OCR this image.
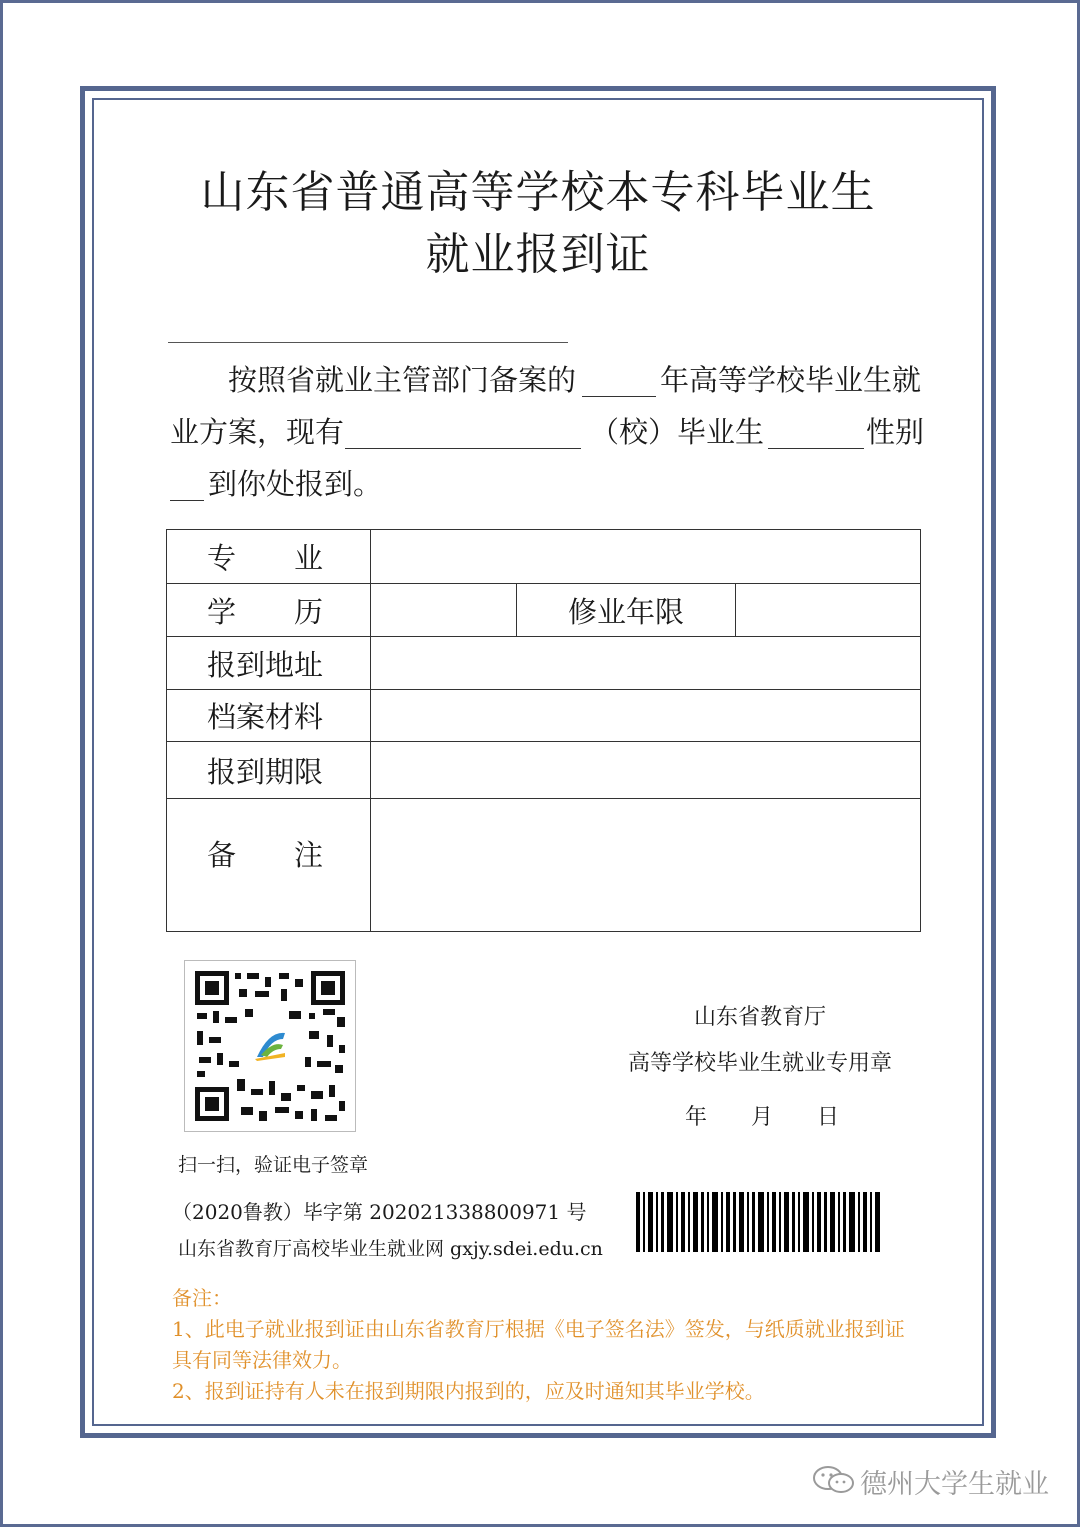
山东省普通高等学校本专科毕业生
就业报到证
按照省就业主管部门备案的	年高等学校毕业生就
业方案，现有	（校）毕业生	性别
到你处报到。
专　　业			
学　　历		修业年限	
报到地址			
档案材料			
报到期限			
备　　注			
扫一扫，验证电子签章
山东省教育厅
高等学校毕业生就业专用章
年　　月　　日
（2020鲁教）毕字第 202021338800971 号
山东省教育厅高校毕业生就业网 gxjy.sdei.edu.cn
备注：
1、此电子就业报到证由山东省教育厅根据《电子签名法》签发，与纸质就业报到证
具有同等法律效力。
2、报到证持有人未在报到期限内报到的，应及时通知其毕业学校。
德州大学生就业
